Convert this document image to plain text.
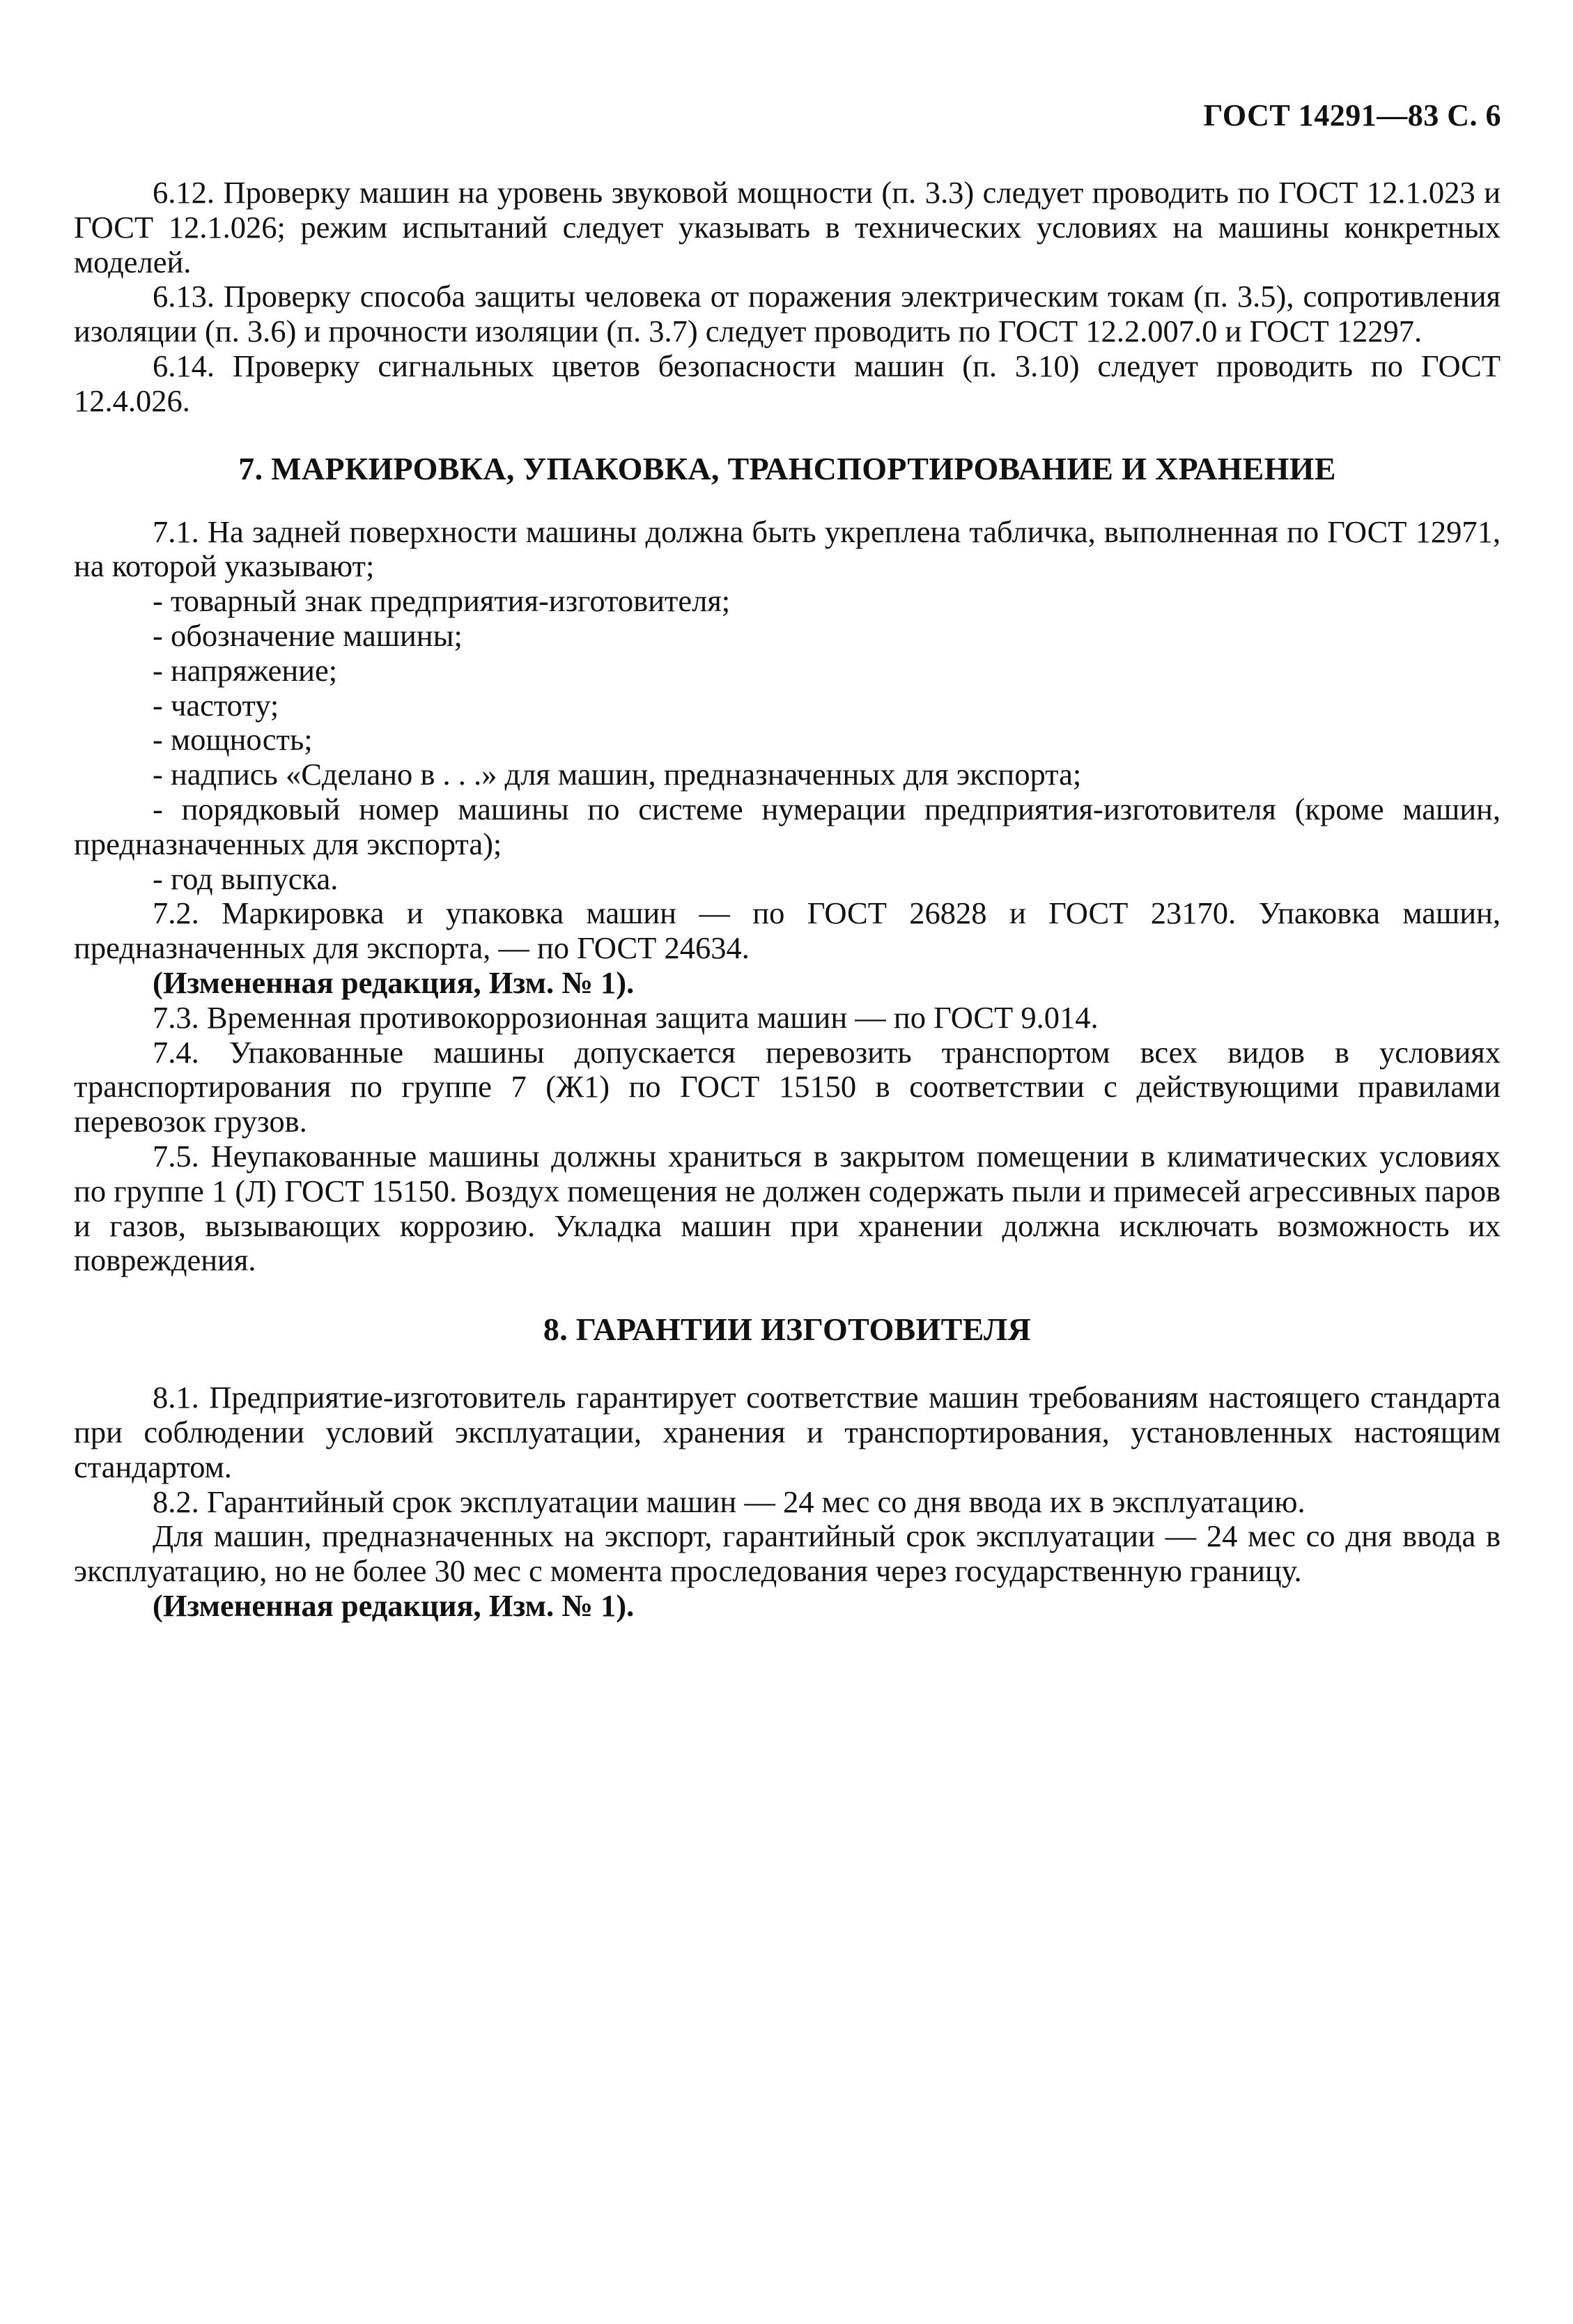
ГОСТ 14291—83 С. 6

6.12. Проверку машин на уровень звуковой мощности (п. 3.3) следует проводить по ГОСТ 12.1.023 и ГОСТ 12.1.026; режим испытаний следует указывать в технических условиях на машины конкретных моделей.

6.13. Проверку способа защиты человека от поражения электрическим токам (п. 3.5), сопротивления изоляции (п. 3.6) и прочности изоляции (п. 3.7) следует проводить по ГОСТ 12.2.007.0 и ГОСТ 12297.

6.14. Проверку сигнальных цветов безопасности машин (п. 3.10) следует проводить по ГОСТ 12.4.026.

7. МАРКИРОВКА, УПАКОВКА, ТРАНСПОРТИРОВАНИЕ И ХРАНЕНИЕ

7.1. На задней поверхности машины должна быть укреплена табличка, выполненная по ГОСТ 12971, на которой указывают;

- товарный знак предприятия-изготовителя;

- обозначение машины;

- напряжение;

- частоту;

- мощность;

- надпись «Сделано в . . .» для машин, предназначенных для экспорта;

- порядковый номер машины по системе нумерации предприятия-изготовителя (кроме машин, предназначенных для экспорта);

- год выпуска.

7.2. Маркировка и упаковка машин — по ГОСТ 26828 и ГОСТ 23170. Упаковка машин, предназначенных для экспорта, — по ГОСТ 24634.

(Измененная редакция, Изм. № 1).

7.3. Временная противокоррозионная защита машин — по ГОСТ 9.014.

7.4. Упакованные машины допускается перевозить транспортом всех видов в условиях транспортирования по группе 7 (Ж1) по ГОСТ 15150 в соответствии с действующими правилами перевозок грузов.

7.5. Неупакованные машины должны храниться в закрытом помещении в климатических условиях по группе 1 (Л) ГОСТ 15150. Воздух помещения не должен содержать пыли и примесей агрессивных паров и газов, вызывающих коррозию. Укладка машин при хранении должна исключать возможность их повреждения.

8. ГАРАНТИИ ИЗГОТОВИТЕЛЯ

8.1. Предприятие-изготовитель гарантирует соответствие машин требованиям настоящего стандарта при соблюдении условий эксплуатации, хранения и транспортирования, установленных настоящим стандартом.

8.2. Гарантийный срок эксплуатации машин — 24 мес со дня ввода их в эксплуатацию.

Для машин, предназначенных на экспорт, гарантийный срок эксплуатации — 24 мес со дня ввода в эксплуатацию, но не более 30 мес с момента проследования через государственную границу.

(Измененная редакция, Изм. № 1).
